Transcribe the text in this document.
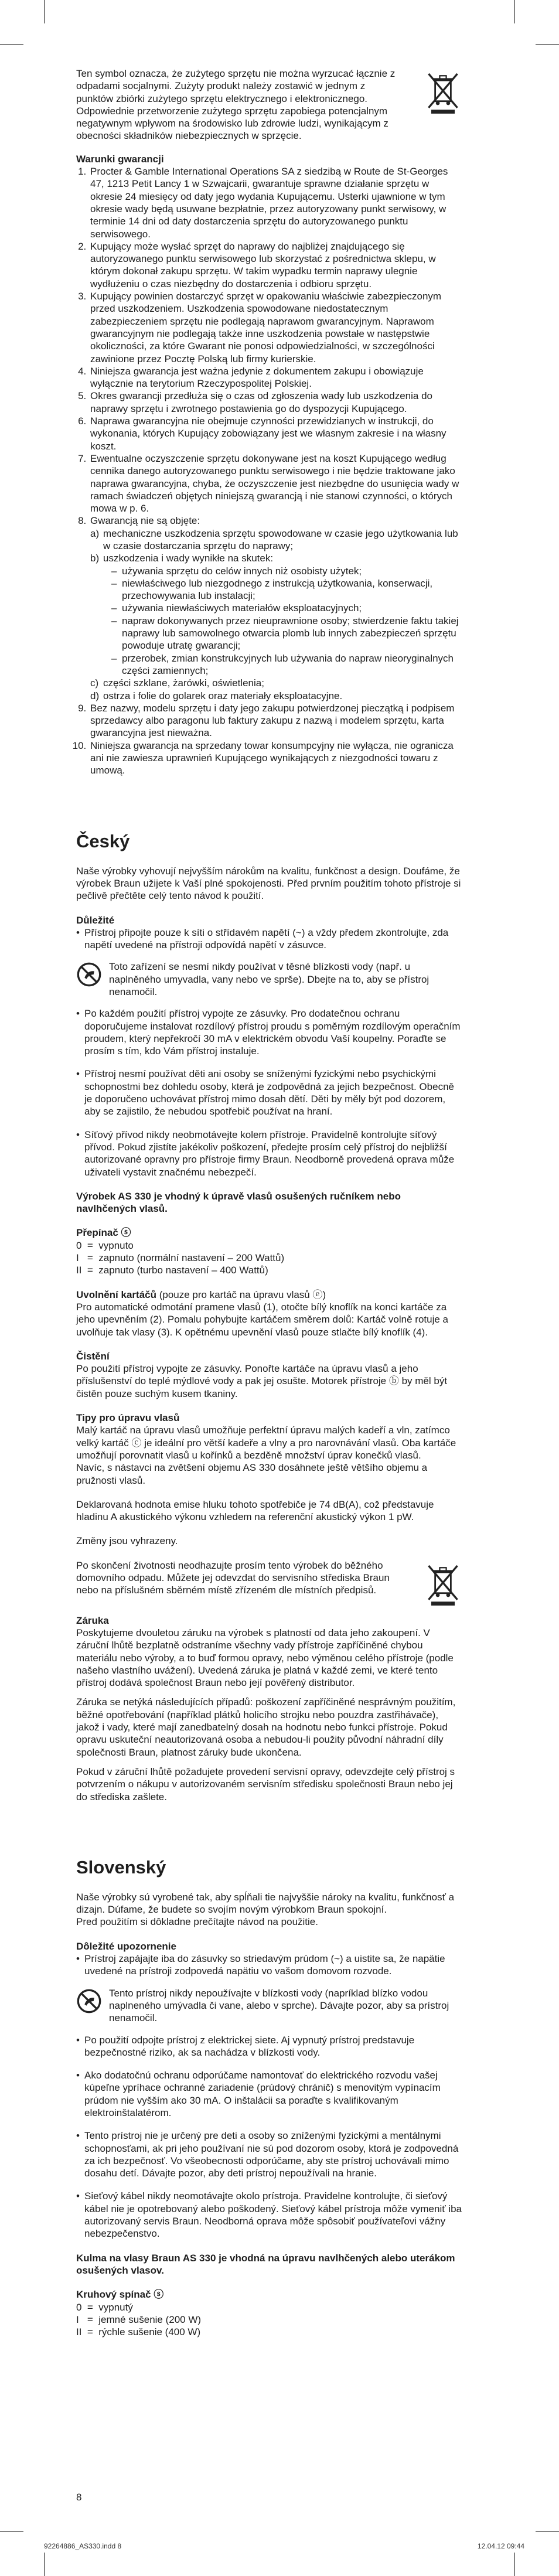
Ten symbol oznacza, że zużytego sprzętu nie można wyrzucać łącznie z odpadami socjalnymi. Zużyty produkt należy zostawić w jednym z punktów zbiórki zużytego sprzętu elektrycznego i elektronicznego. Odpowiednie przetworzenie zużytego sprzętu zapobiega potencjalnym negatywnym wpływom na środowisko lub zdrowie ludzi, wynikającym z obecności składników niebezpiecznych w sprzęcie.

Warunki gwarancji

1. Procter & Gamble International Operations SA z siedzibą w Route de St-Georges 47, 1213 Petit Lancy 1 w Szwajcarii, gwarantuje sprawne działanie sprzętu w okresie 24 miesięcy od daty jego wydania Kupującemu. Usterki ujawnione w tym okresie wady będą usuwane bezpłatnie, przez autoryzowany punkt serwisowy, w terminie 14 dni od daty dostarczenia sprzętu do autoryzowanego punktu serwisowego.
2. Kupujący może wysłać sprzęt do naprawy do najbliżej znajdującego się autoryzowanego punktu serwisowego lub skorzystać z pośrednictwa sklepu, w którym dokonał zakupu sprzętu. W takim wypadku termin naprawy ulegnie wydłużeniu o czas niezbędny do dostarczenia i odbioru sprzętu.
3. Kupujący powinien dostarczyć sprzęt w opakowaniu właściwie zabezpieczonym przed uszkodzeniem. Uszkodzenia spowodowane niedostatecznym zabezpieczeniem sprzętu nie podlegają naprawom gwarancyjnym. Naprawom gwarancyjnym nie podlegają także inne uszkodzenia powstałe w następstwie okoliczności, za które Gwarant nie ponosi odpowiedzialności, w szczególności zawinione przez Pocztę Polską lub firmy kurierskie.
4. Niniejsza gwarancja jest ważna jedynie z dokumentem zakupu i obowiązuje wyłącznie na terytorium Rzeczypospolitej Polskiej.
5. Okres gwarancji przedłuża się o czas od zgłoszenia wady lub uszkodzenia do naprawy sprzętu i zwrotnego postawienia go do dyspozycji Kupującego.
6. Naprawa gwarancyjna nie obejmuje czynności przewidzianych w instrukcji, do wykonania, których Kupujący zobowiązany jest we własnym zakresie i na własny koszt.
7. Ewentualne oczyszczenie sprzętu dokonywane jest na koszt Kupującego według cennika danego autoryzowanego punktu serwisowego i nie będzie traktowane jako naprawa gwarancyjna, chyba, że oczyszczenie jest niezbędne do usunięcia wady w ramach świadczeń objętych niniejszą gwarancją i nie stanowi czynności, o których mowa w p. 6.
8. Gwarancją nie są objęte:
a) mechaniczne uszkodzenia sprzętu spowodowane w czasie jego użytkowania lub w czasie dostarczania sprzętu do naprawy;
b) uszkodzenia i wady wynikłe na skutek:
– używania sprzętu do celów innych niż osobisty użytek;
– niewłaściwego lub niezgodnego z instrukcją użytkowania, konserwacji, przechowywania lub instalacji;
– używania niewłaściwych materiałów eksploatacyjnych;
– napraw dokonywanych przez nieuprawnione osoby; stwierdzenie faktu takiej naprawy lub samowolnego otwarcia plomb lub innych zabezpieczeń sprzętu powoduje utratę gwarancji;
– przerobek, zmian konstrukcyjnych lub używania do napraw nieoryginalnych części zamiennych;
c) części szklane, żarówki, oświetlenia;
d) ostrza i folie do golarek oraz materiały eksploatacyjne.
9. Bez nazwy, modelu sprzętu i daty jego zakupu potwierdzonej pieczątką i podpisem sprzedawcy albo paragonu lub faktury zakupu z nazwą i modelem sprzętu, karta gwarancyjna jest nieważna.
10. Niniejsza gwarancja na sprzedany towar konsumpcyjny nie wyłącza, nie ogranicza ani nie zawiesza uprawnień Kupującego wynikających z niezgodności towaru z umową.
Český

Naše výrobky vyhovují nejvyšším nárokům na kvalitu, funkčnost a design. Doufáme, že výrobek Braun užijete k Vaší plné spokojenosti. Před prvním použitím tohoto přístroje si pečlivě přečtěte celý tento návod k použití.

Důležité

• Přístroj připojte pouze k síti o střídavém napětí (~) a vždy předem zkontrolujte, zda napětí uvedené na přístroji odpovídá napětí v zásuvce.

Toto zařízení se nesmí nikdy používat v těsné blízkosti vody (např. u naplněného umyvadla, vany nebo ve sprše). Dbejte na to, aby se přístroj nenamočil.

• Po každém použití přístroj vypojte ze zásuvky. Pro dodatečnou ochranu doporučujeme instalovat rozdílový přístroj proudu s poměrným rozdílovým operačním proudem, který nepřekročí 30 mA v elektrickém obvodu Vaší koupelny. Poraďte se prosím s tím, kdo Vám přístroj instaluje.
• Přístroj nesmí používat děti ani osoby se sníženými fyzickými nebo psychickými schopnostmi bez dohledu osoby, která je zodpovědná za jejich bezpečnost. Obecně je doporučeno uchovávat přístroj mimo dosah dětí. Děti by měly být pod dozorem, aby se zajistilo, že nebudou spotřebič používat na hraní.
• Síťový přívod nikdy neobmotávejte kolem přístroje. Pravidelně kontrolujte síťový přívod. Pokud zjistíte jakékoliv poškození, předejte prosím celý přístroj do nejbližší autorizované opravny pro přístroje firmy Braun. Neodborně provedená oprava může uživateli vystavit značnému nebezpečí.

Výrobek AS 330 je vhodný k úpravě vlasů osušených ručníkem nebo navlhčených vlasů.

Přepínač ⓢ

0  =  vypnuto

I   =  zapnuto (normální nastavení – 200 Wattů)

II  =  zapnuto (turbo nastavení – 400 Wattů)

Uvolnění kartáčů (pouze pro kartáč na úpravu vlasů ⓔ)
Pro automatické odmotání pramene vlasů (1), otočte bílý knoflík na konci kartáče za jeho upevněním (2). Pomalu pohybujte kartáčem směrem dolů: Kartáč volně rotuje a uvolňuje tak vlasy (3). K opětnému upevnění vlasů pouze stlačte bílý knoflík (4).

Čistění

Po použití přístroj vypojte ze zásuvky. Ponořte kartáče na úpravu vlasů a jeho příslušenství do teplé mýdlové vody a pak jej osušte. Motorek přístroje ⓑ by měl být čistěn pouze suchým kusem tkaniny.

Tipy pro úpravu vlasů

Malý kartáč na úpravu vlasů umožňuje perfektní úpravu malých kadeří a vln, zatímco velký kartáč ⓒ je ideální pro větší kadeře a vlny a pro narovnávání vlasů. Oba kartáče umožňují porovnatit vlasů u kořínků a bezděně množství úprav konečků vlasů.
Navíc, s nástavci na zvětšení objemu AS 330 dosáhnete ještě většího objemu a pružnosti vlasů.

Deklarovaná hodnota emise hluku tohoto spotřebiče je 74 dB(A), což představuje hladinu A akustického výkonu vzhledem na referenční akustický výkon 1 pW.

Změny jsou vyhrazeny.

Po skončení životnosti neodhazujte prosím tento výrobek do běžného domovního odpadu. Můžete jej odevzdat do servisního střediska Braun nebo na příslušném sběrném místě zřízeném dle místních předpisů.

Záruka

Poskytujeme dvouletou záruku na výrobek s platností od data jeho zakoupení. V záruční lhůtě bezplatně odstraníme všechny vady přístroje zapříčiněné chybou materiálu nebo výroby, a to buď formou opravy, nebo výměnou celého přístroje (podle našeho vlastního uvážení). Uvedená záruka je platná v každé zemi, ve které tento přístroj dodává společnost Braun nebo její pověřený distributor.

Záruka se netýká následujících případů: poškození zapříčiněné nesprávným použitím, běžné opotřebování (například plátků holicího strojku nebo pouzdra zastřihávače), jakož i vady, které mají zanedbatelný dosah na hodnotu nebo funkci přístroje. Pokud opravu uskuteční neautorizovaná osoba a nebudou-li použity původní náhradní díly společnosti Braun, platnost záruky bude ukončena.

Pokud v záruční lhůtě požadujete provedení servisní opravy, odevzdejte celý přístroj s potvrzením o nákupu v autorizovaném servisním středisku společnosti Braun nebo jej do střediska zašlete.

Slovenský

Naše výrobky sú vyrobené tak, aby spĺňali tie najvyššie nároky na kvalitu, funkčnosť a dizajn. Dúfame, že budete so svojím novým výrobkom Braun spokojní.
Pred použitím si dôkladne prečítajte návod na použitie.

Dôležité upozornenie

• Prístroj zapájajte iba do zásuvky so striedavým prúdom (~) a uistite sa, že napätie uvedené na prístroji zodpovedá napätiu vo vašom domovom rozvode.

Tento prístroj nikdy nepoužívajte v blízkosti vody (napríklad blízko vodou naplneného umývadla či vane, alebo v sprche). Dávajte pozor, aby sa prístroj nenamočil.

• Po použití odpojte prístroj z elektrickej siete. Aj vypnutý prístroj predstavuje bezpečnostné riziko, ak sa nachádza v blízkosti vody.
• Ako dodatočnú ochranu odporúčame namontovať do elektrického rozvodu vašej kúpeľne ypríhace ochranné zariadenie (prúdový chránič) s menovitým vypínacím prúdom nie vyšším ako 30 mA. O inštalácii sa poraďte s kvalifikovaným elektroinštalatérom.
• Tento prístroj nie je určený pre deti a osoby so zníženými fyzickými a mentálnymi schopnosťami, ak pri jeho používaní nie sú pod dozorom osoby, ktorá je zodpovedná za ich bezpečnosť. Vo všeobecnosti odporúčame, aby ste prístroj uchovávali mimo dosahu detí. Dávajte pozor, aby deti prístroj nepoužívali na hranie.
• Sieťový kábel nikdy neomotávajte okolo prístroja. Pravidelne kontrolujte, či sieťový kábel nie je opotrebovaný alebo poškodený. Sieťový kábel prístroja môže vymeniť iba autorizovaný servis Braun. Neodborná oprava môže spôsobiť používateľovi vážny nebezpečenstvo.

Kulma na vlasy Braun AS 330 je vhodná na úpravu navlhčených alebo uterákom osušených vlasov.

Kruhový spínač ⓢ

0  =  vypnutý

I   =  jemné sušenie (200 W)

II  =  rýchle sušenie (400 W)

8
92264886_AS330.indd 8	12.04.12 09:44
